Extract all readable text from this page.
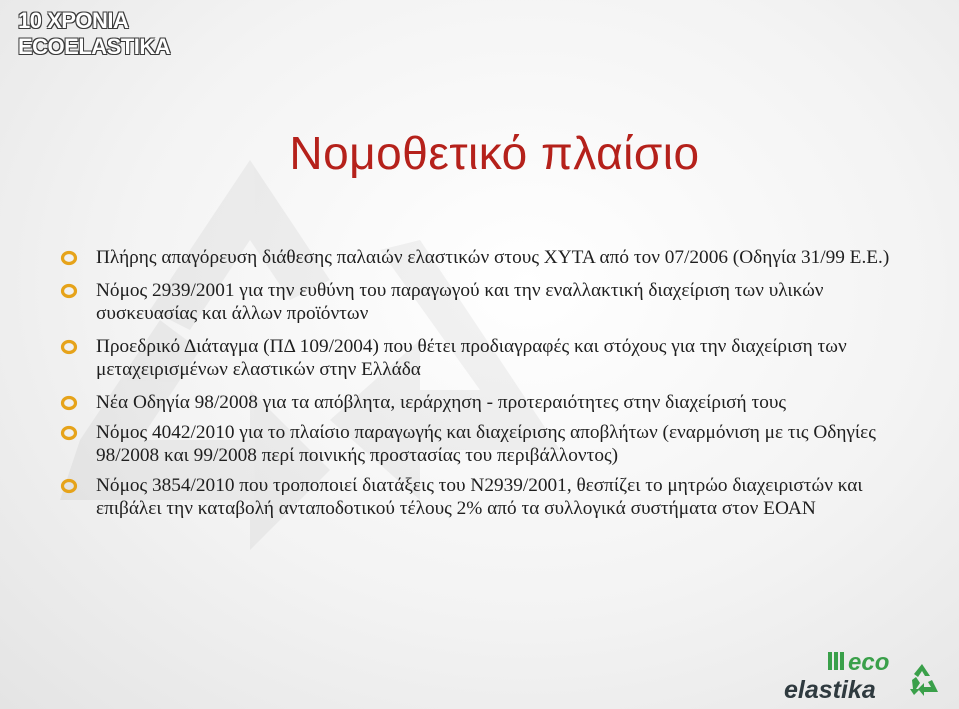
10 ΧΡΟΝΙΑ
ECOELASTIKA
Νομοθετικό πλαίσιο
Πλήρης απαγόρευση διάθεσης παλαιών ελαστικών στους ΧΥΤΑ από τον 07/2006 (Οδηγία 31/99 Ε.Ε.)
Νόμος 2939/2001 για την ευθύνη του παραγωγού και την εναλλακτική διαχείριση των υλικών συσκευασίας και άλλων προϊόντων
Προεδρικό Διάταγμα (ΠΔ 109/2004) που θέτει προδιαγραφές και στόχους για την διαχείριση των μεταχειρισμένων ελαστικών στην Ελλάδα
Νέα Οδηγία 98/2008 για τα απόβλητα, ιεράρχηση - προτεραιότητες στην διαχείρισή τους
Νόμος 4042/2010 για το πλαίσιο παραγωγής και διαχείρισης αποβλήτων (εναρμόνιση με τις Οδηγίες 98/2008 και 99/2008 περί ποινικής προστασίας του περιβάλλοντος)
Νόμος 3854/2010 που τροποποιεί διατάξεις του Ν2939/2001, θεσπίζει το μητρώο διαχειριστών και επιβάλει την καταβολή ανταποδοτικού τέλους 2% από τα συλλογικά συστήματα στον ΕΟΑΝ
eco
elastika
